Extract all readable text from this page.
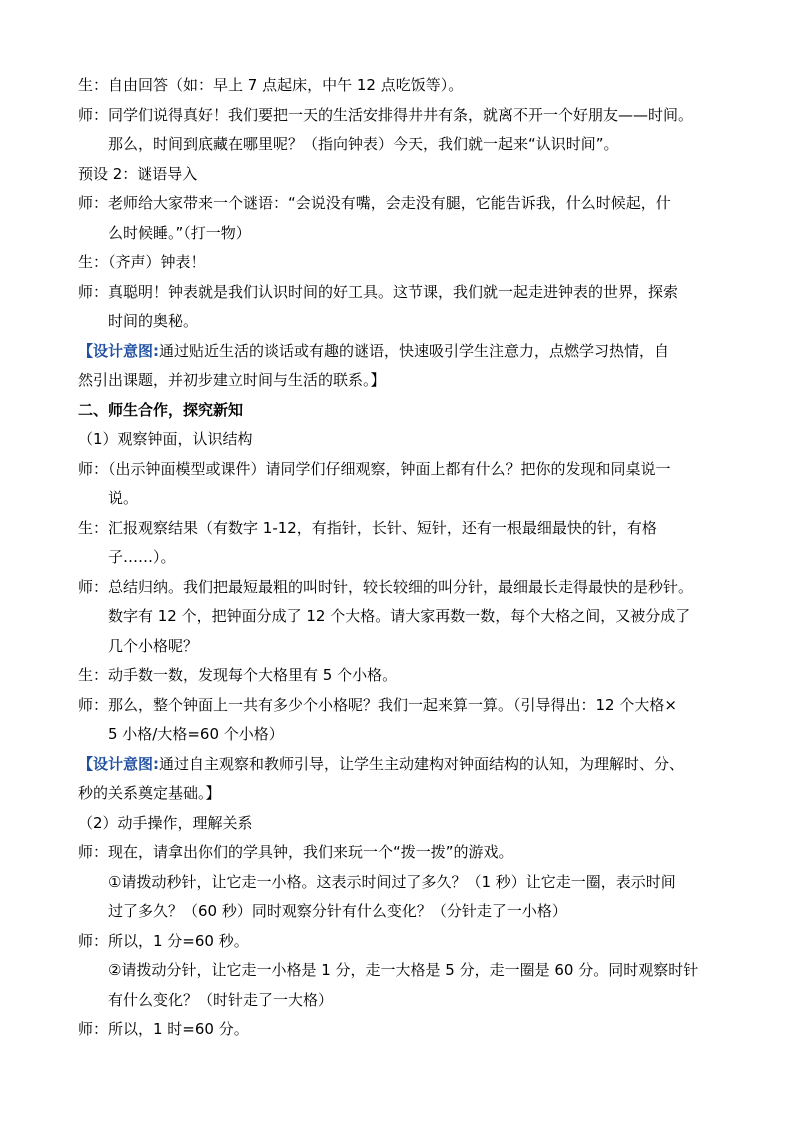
生：自由回答（如：早上 7 点起床，中午 12 点吃饭等）。
师：同学们说得真好！我们要把一天的生活安排得井井有条，就离不开一个好朋友——时间。
那么，时间到底藏在哪里呢？（指向钟表）今天，我们就一起来“认识时间”。
预设 2：谜语导入
师：老师给大家带来一个谜语：“会说没有嘴，会走没有腿，它能告诉我，什么时候起，什
么时候睡。”（打一物）
生：（齐声）钟表！
师：真聪明！钟表就是我们认识时间的好工具。这节课，我们就一起走进钟表的世界，探索
时间的奥秘。
【设计意图:通过贴近生活的谈话或有趣的谜语，快速吸引学生注意力，点燃学习热情，自
然引出课题，并初步建立时间与生活的联系。】
二、师生合作，探究新知
（1）观察钟面，认识结构
师：（出示钟面模型或课件）请同学们仔细观察，钟面上都有什么？把你的发现和同桌说一
说。
生：汇报观察结果（有数字 1-12，有指针，长针、短针，还有一根最细最快的针，有格
子……）。
师：总结归纳。我们把最短最粗的叫时针，较长较细的叫分针，最细最长走得最快的是秒针。
数字有 12 个，把钟面分成了 12 个大格。请大家再数一数，每个大格之间，又被分成了
几个小格呢？
生：动手数一数，发现每个大格里有 5 个小格。
师：那么，整个钟面上一共有多少个小格呢？我们一起来算一算。（引导得出：12 个大格×
5 小格/大格=60 个小格）
【设计意图:通过自主观察和教师引导，让学生主动建构对钟面结构的认知，为理解时、分、
秒的关系奠定基础。】
（2）动手操作，理解关系
师：现在，请拿出你们的学具钟，我们来玩一个“拨一拨”的游戏。
①请拨动秒针，让它走一小格。这表示时间过了多久？（1 秒）让它走一圈，表示时间
过了多久？（60 秒）同时观察分针有什么变化？（分针走了一小格）
师：所以，1 分=60 秒。
②请拨动分针，让它走一小格是 1 分，走一大格是 5 分，走一圈是 60 分。同时观察时针
有什么变化？（时针走了一大格）
师：所以，1 时=60 分。
